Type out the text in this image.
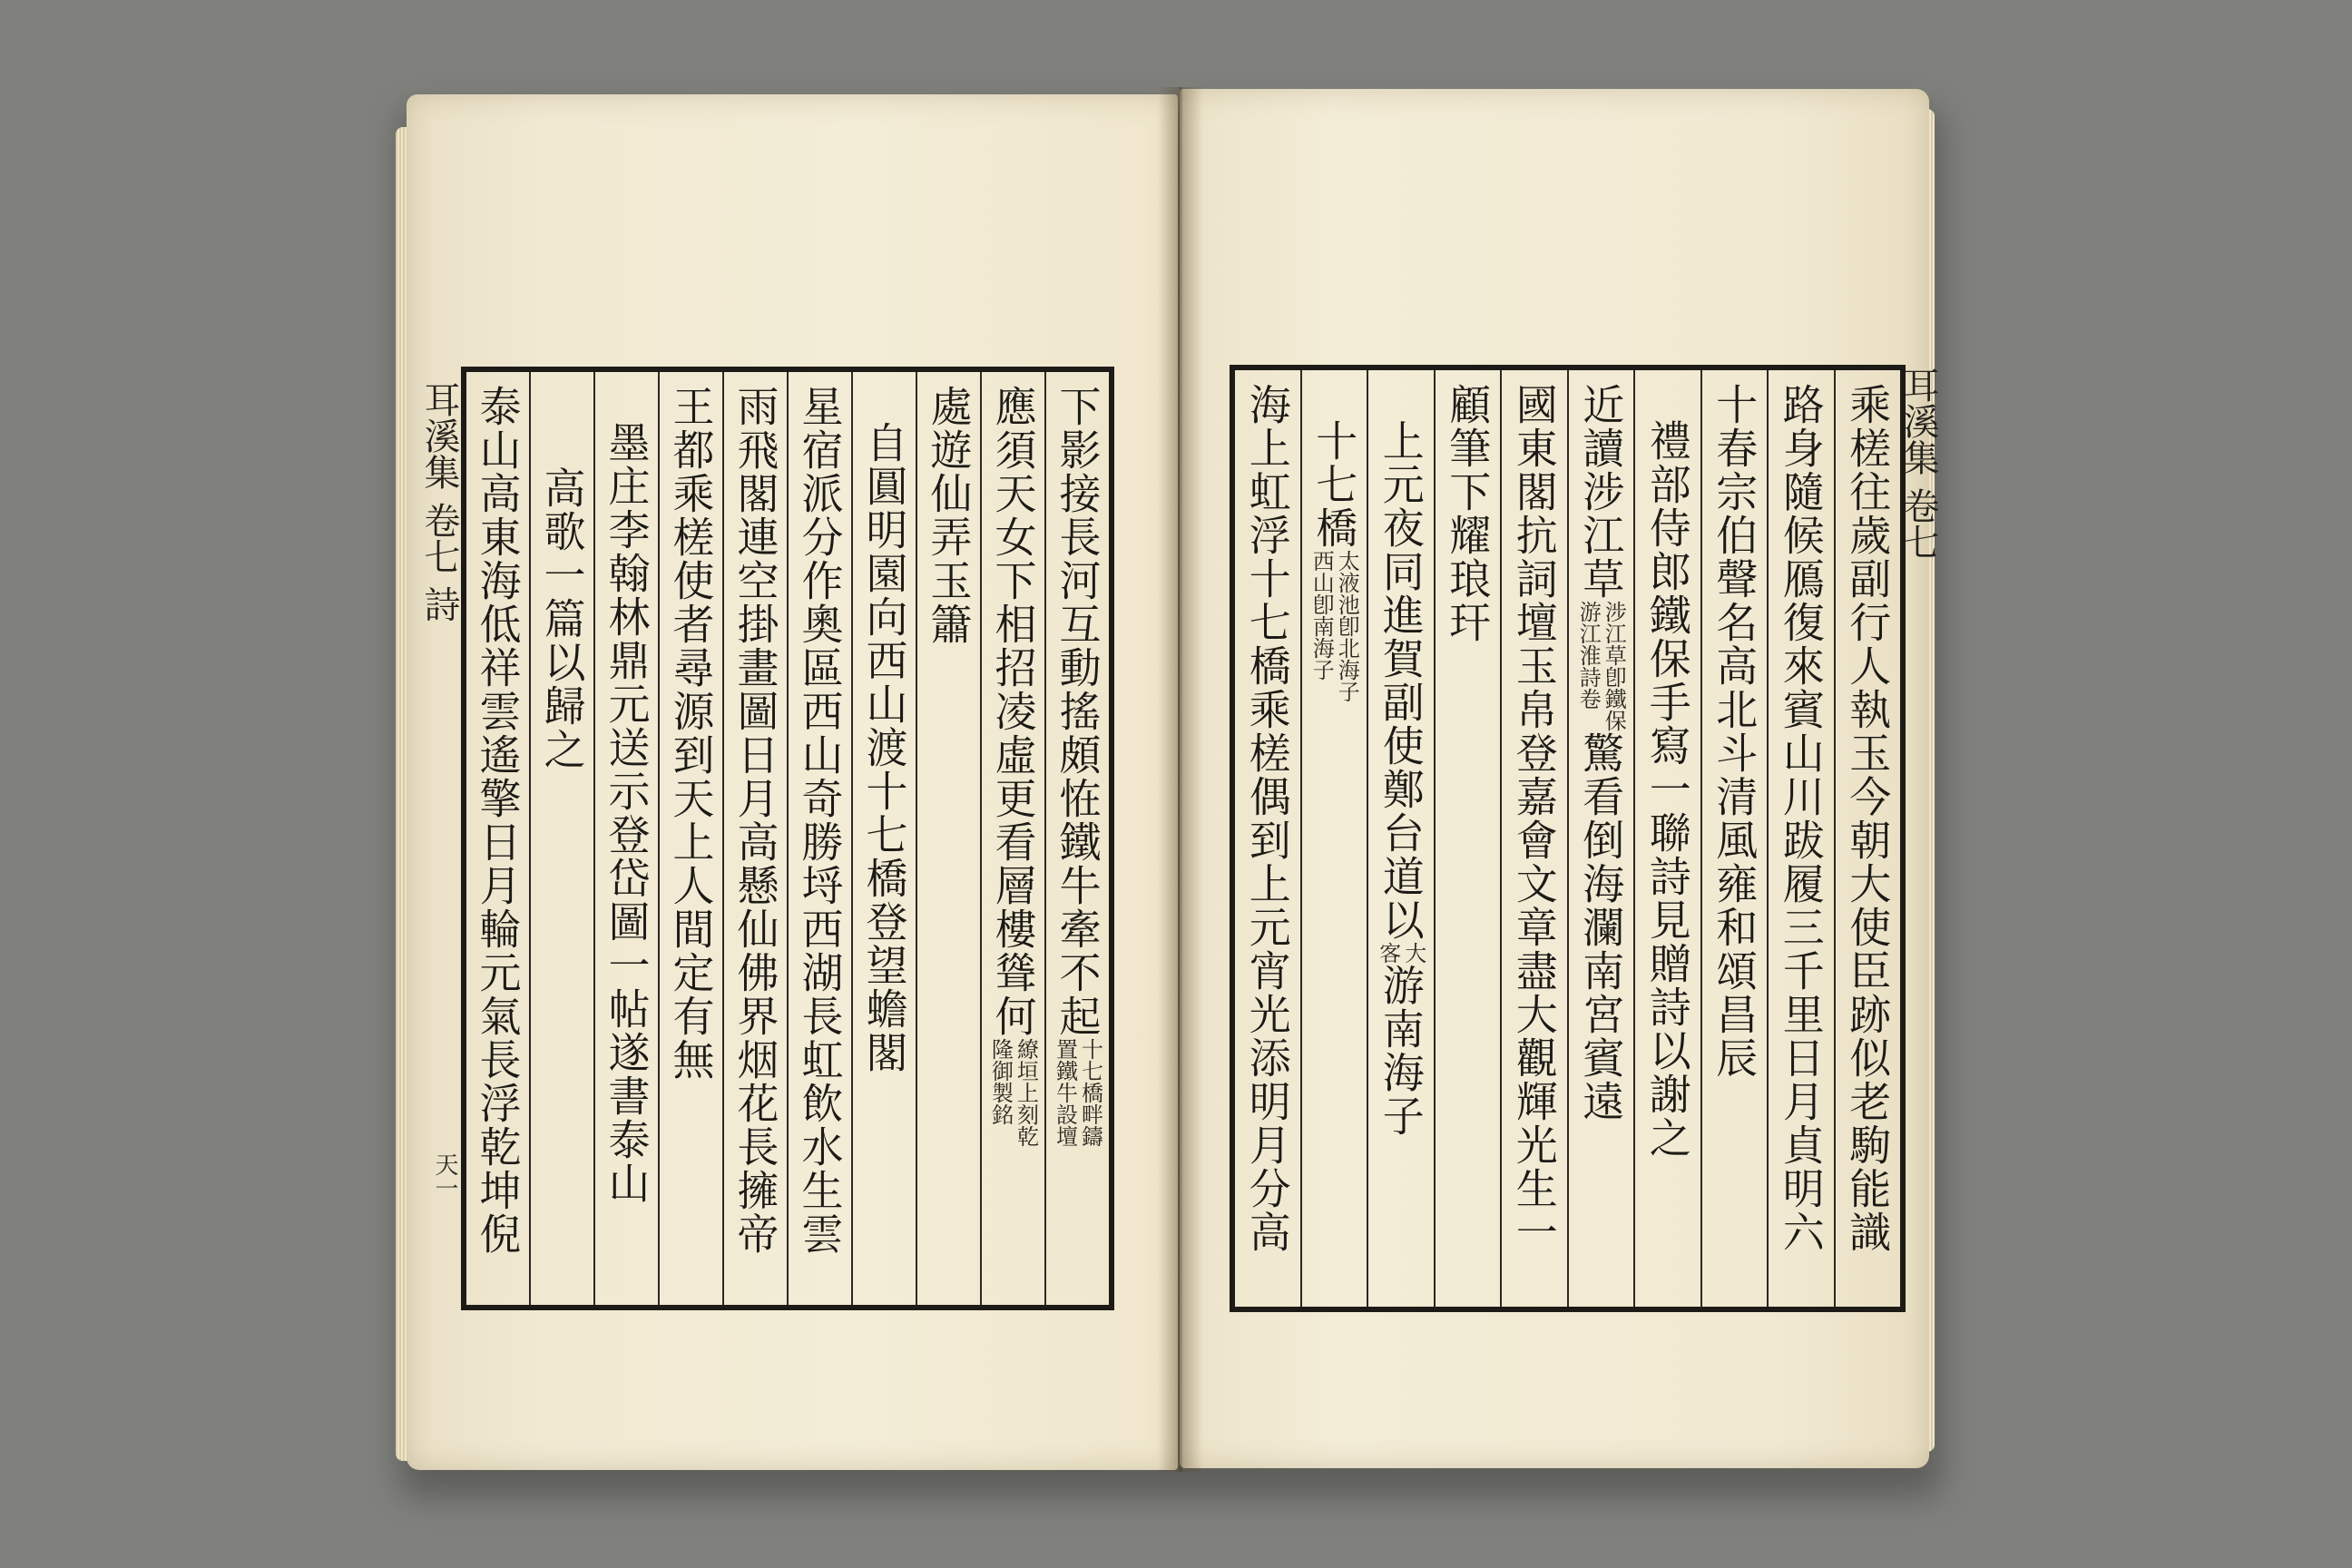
耳溪集 卷七 詩
天一
耳溪集 卷七
下影接長河互動搖頗恠鐵牛牽不起
十七橋畔鑄
置鐵牛設壇
應須天女下相招凌虛更看層樓聳何
繚垣上刻乾
隆御製銘
處遊仙弄玉簫
自圓明園向西山渡十七橋登望蟾閣
星宿派分作奧區西山奇勝埒西湖長虹飲水生雲
雨飛閣連空掛畫圖日月高懸仙佛界烟花長擁帝
王都乘槎使者尋源到天上人間定有無
墨庄李翰林鼎元送示登岱圖一帖遂書泰山
高歌一篇以歸之
泰山高東海低祥雲遙擎日月輪元氣長浮乾坤倪	乘槎往歲副行人執玉今朝大使臣跡似老駒能識
路身隨候鴈復來賓山川跋履三千里日月貞明六
十春宗伯聲名高北斗清風雍和頌昌辰
禮部侍郎鐵保手寫一聯詩見贈詩以謝之
近讀涉江草
涉江草卽鐵保
游江淮詩卷
驚看倒海瀾南宮賓遠
國東閣抗詞壇玉帛登嘉會文章盡大觀輝光生一
顧筆下耀琅玕
上元夜同進賀副使鄭台道以
大
客
游南海子
十七橋
太液池卽北海子
西山卽南海子
海上虹浮十七橋乘槎偶到上元宵光添明月分高
